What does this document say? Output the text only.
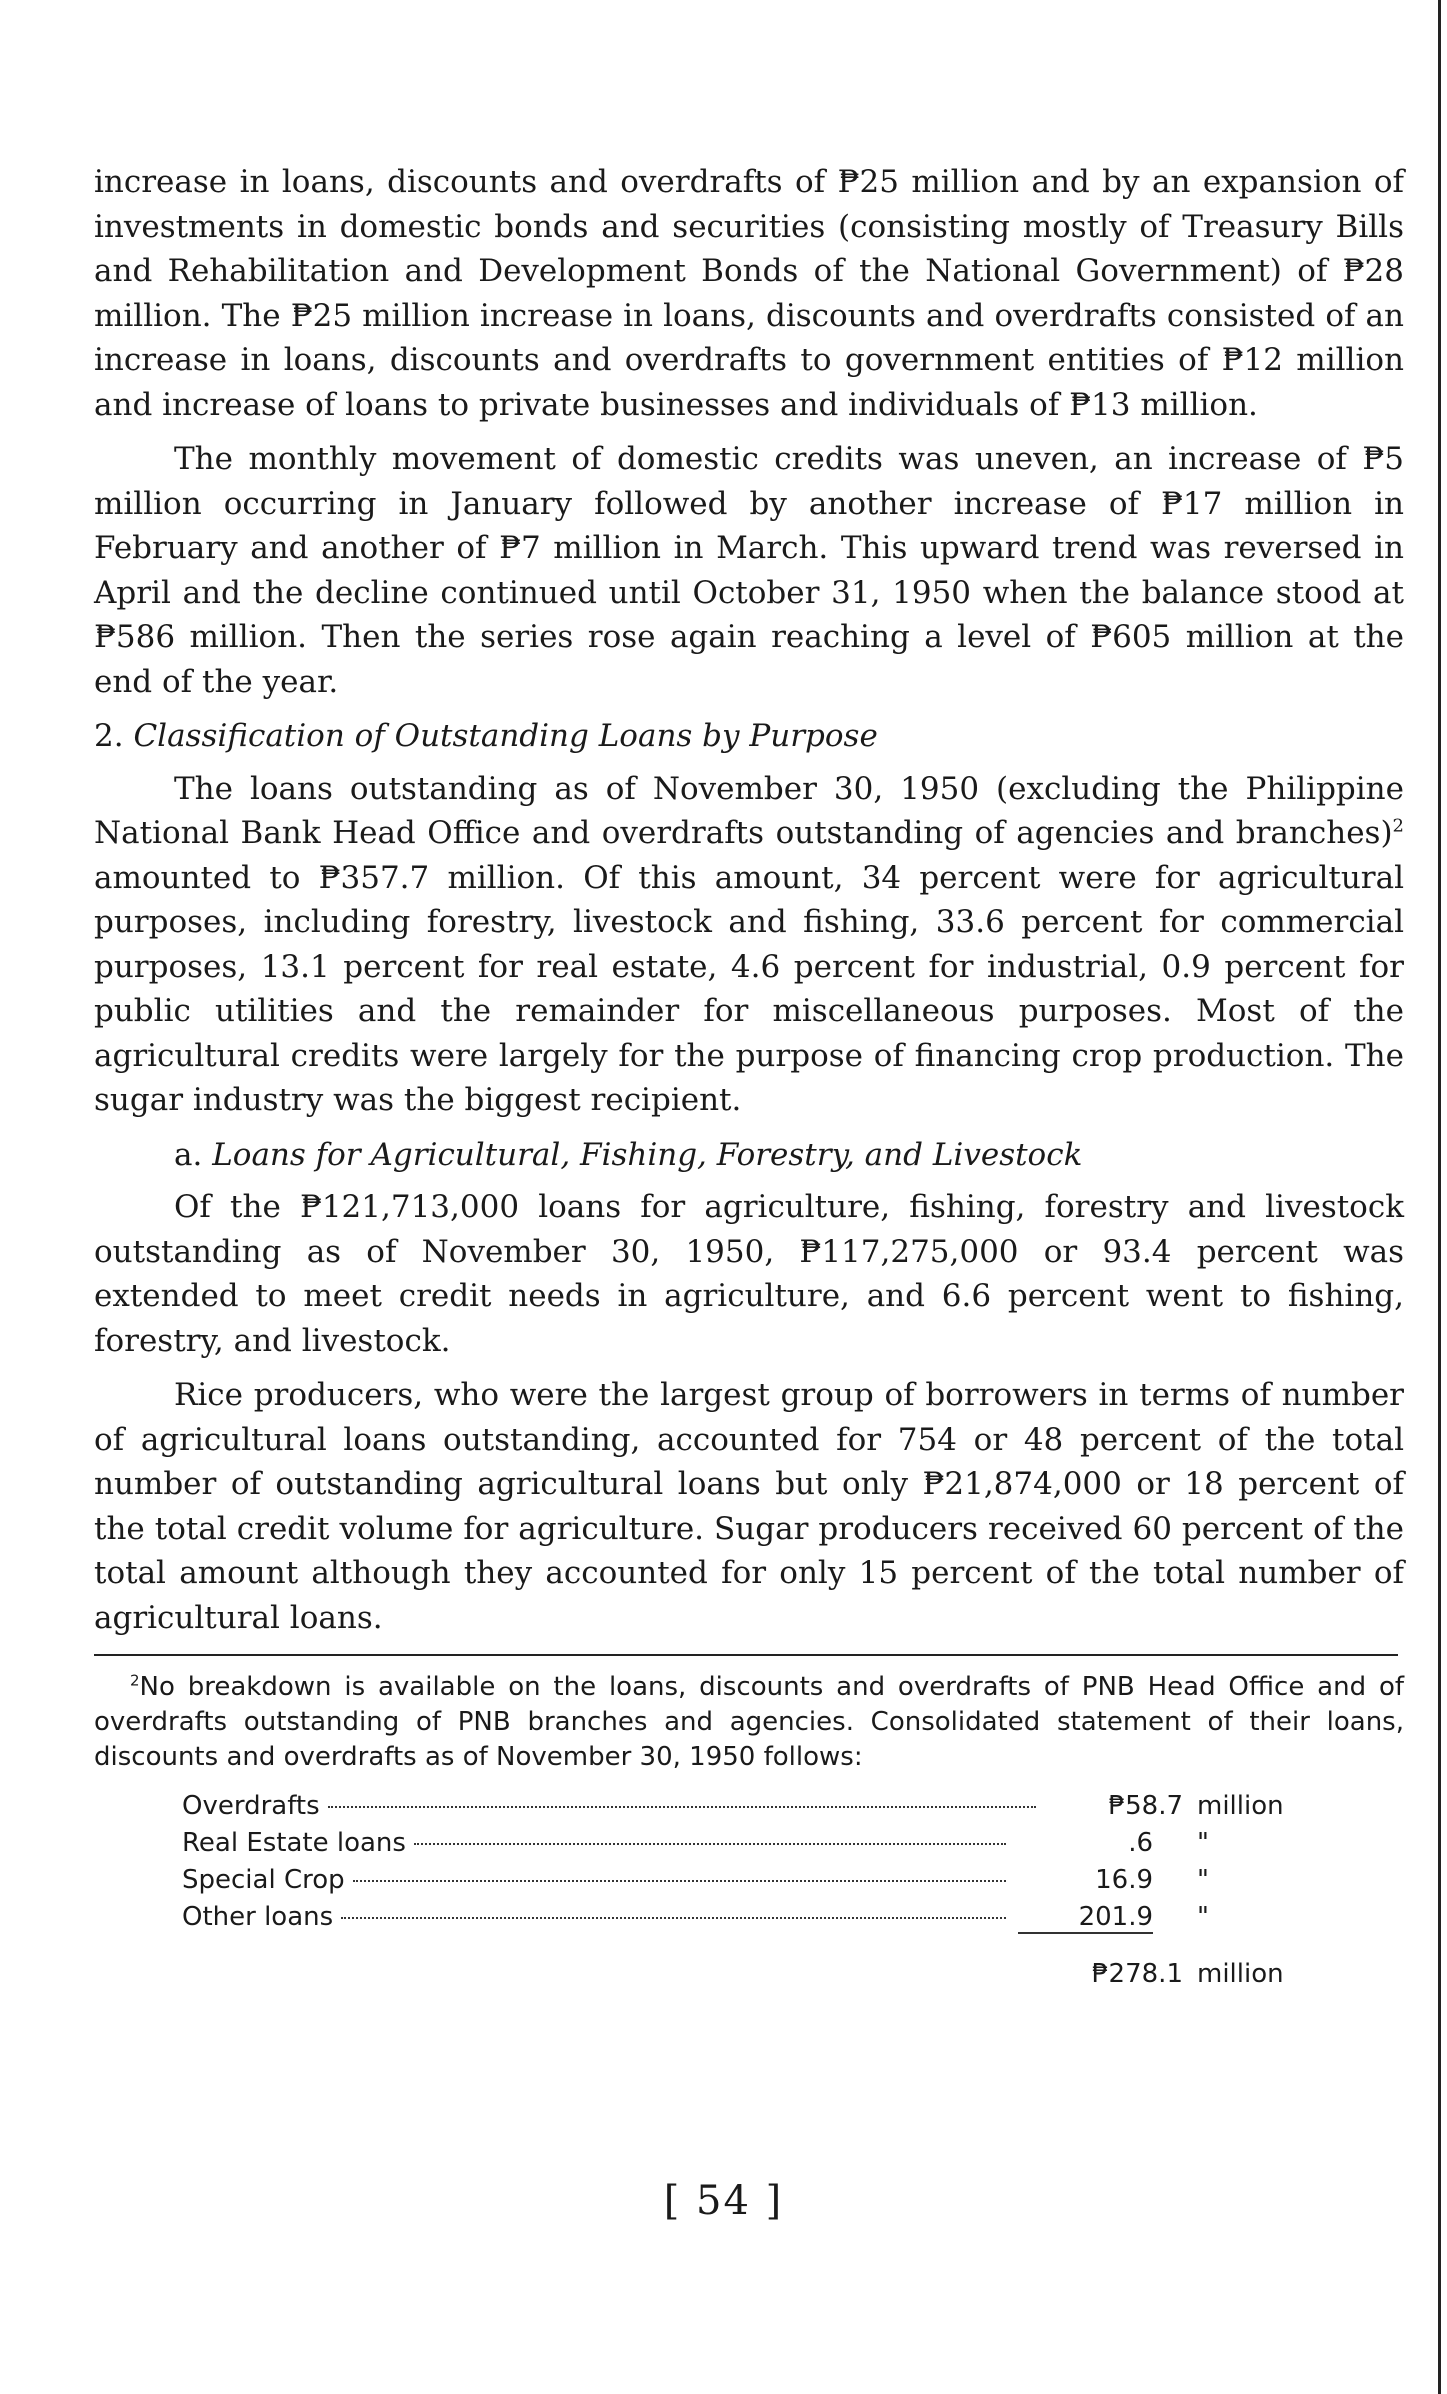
increase in loans, discounts and overdrafts of ₱25 million and by an expansion of investments in domestic bonds and securities (consisting mostly of Treasury Bills and Rehabilitation and Development Bonds of the National Government) of ₱28 million. The ₱25 million increase in loans, discounts and overdrafts consisted of an increase in loans, discounts and overdrafts to government entities of ₱12 million and increase of loans to private businesses and individuals of ₱13 million.

The monthly movement of domestic credits was uneven, an increase of ₱5 million occurring in January followed by another increase of ₱17 million in February and another of ₱7 million in March. This upward trend was reversed in April and the decline continued until October 31, 1950 when the balance stood at ₱586 million. Then the series rose again reaching a level of ₱605 million at the end of the year.

2. Classification of Outstanding Loans by Purpose

The loans outstanding as of November 30, 1950 (excluding the Philippine National Bank Head Office and overdrafts outstanding of agencies and branches)$^2$ amounted to ₱357.7 million. Of this amount, 34 percent were for agricultural purposes, including forestry, livestock and fishing, 33.6 percent for commercial purposes, 13.1 percent for real estate, 4.6 percent for industrial, 0.9 percent for public utilities and the remainder for miscellaneous purposes. Most of the agricultural credits were largely for the purpose of financing crop production. The sugar industry was the biggest recipient.

a. Loans for Agricultural, Fishing, Forestry, and Livestock

Of the ₱121,713,000 loans for agriculture, fishing, forestry and livestock outstanding as of November 30, 1950, ₱117,275,000 or 93.4 percent was extended to meet credit needs in agriculture, and 6.6 percent went to fishing, forestry, and livestock.

Rice producers, who were the largest group of borrowers in terms of number of agricultural loans outstanding, accounted for 754 or 48 percent of the total number of outstanding agricultural loans but only ₱21,874,000 or 18 percent of the total credit volume for agriculture. Sugar producers received 60 percent of the total amount although they accounted for only 15 percent of the total number of agricultural loans.

$^2$No breakdown is available on the loans, discounts and overdrafts of PNB Head Office and of overdrafts outstanding of PNB branches and agencies. Consolidated statement of their loans, discounts and overdrafts as of November 30, 1950 follows:
Overdrafts	₱58.7 million
Real Estate loans	.6	"
Special Crop	16.9	"
Other loans	201.9	"
₱278.1 million
[ 54 ]
